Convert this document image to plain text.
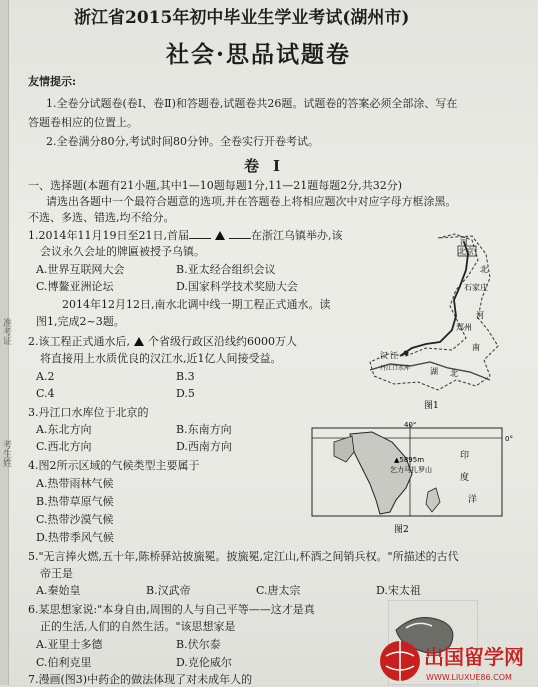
准考证
考生姓
浙江省2015年初中毕业生学业考试(湖州市)
社会·思品试题卷
友情提示:
1.全卷分试题卷(卷Ⅰ、卷Ⅱ)和答题卷,试题卷共26题。试题卷的答案必须全部涂、写在
答题卷相应的位置上。
2.全卷满分80分,考试时间80分钟。全卷实行开卷考试。
卷Ⅰ
一、选择题(本题有21小题,其中1—10题每题1分,11—21题每题2分,共32分)
请选出各题中一个最符合题意的选项,并在答题卷上将相应题次中对应字母方框涂黑。
不选、多选、错选,均不给分。
1.2014年11月19日至21日,首届	在浙江乌镇举办,该
会议永久会址的牌匾被授予乌镇。
A.世界互联网大会	B.亚太经合组织会议
C.博鳌亚洲论坛	D.国家科学技术奖励大会
2014年12月12日,南水北调中线一期工程正式通水。读
图1,完成2~3题。
2.该工程正式通水后, 个省级行政区沿线约6000万人
将直接用上水质优良的汉江水,近1亿人间接受益。
A.2	B.3
C.4	D.5
3.丹江口水库位于北京的
A.东北方向	B.东南方向
C.西北方向	D.西南方向
4.图2所示区域的气候类型主要属于
A.热带雨林气候
B.热带草原气候
C.热带沙漠气候
D.热带季风气候
5."无言捧火燃,五十年,陈桥驿站披旒冕。披旒冕,定江山,杯酒之间销兵权。"所描述的古代
帝王是
A.秦始皇	B.汉武帝	C.唐太宗	D.宋太祖
6.某思想家说:"本身自由,周围的人与自己平等——这才是真
正的生活,人们的自然生活。"该思想家是
A.亚里士多德	B.伏尔泰
C.伯利克里	D.克伦威尔
7.漫画(图3)中药企的做法体现了对未成年人的
河
北京
北
石家庄
河
郑州
湖 北
南
汉 江
丹江口水库
图1
40°
0°
▲5895m
乞力马扎罗山
印
度
洋
图2
出国留学网
WWW.LIUXUE86.COM
